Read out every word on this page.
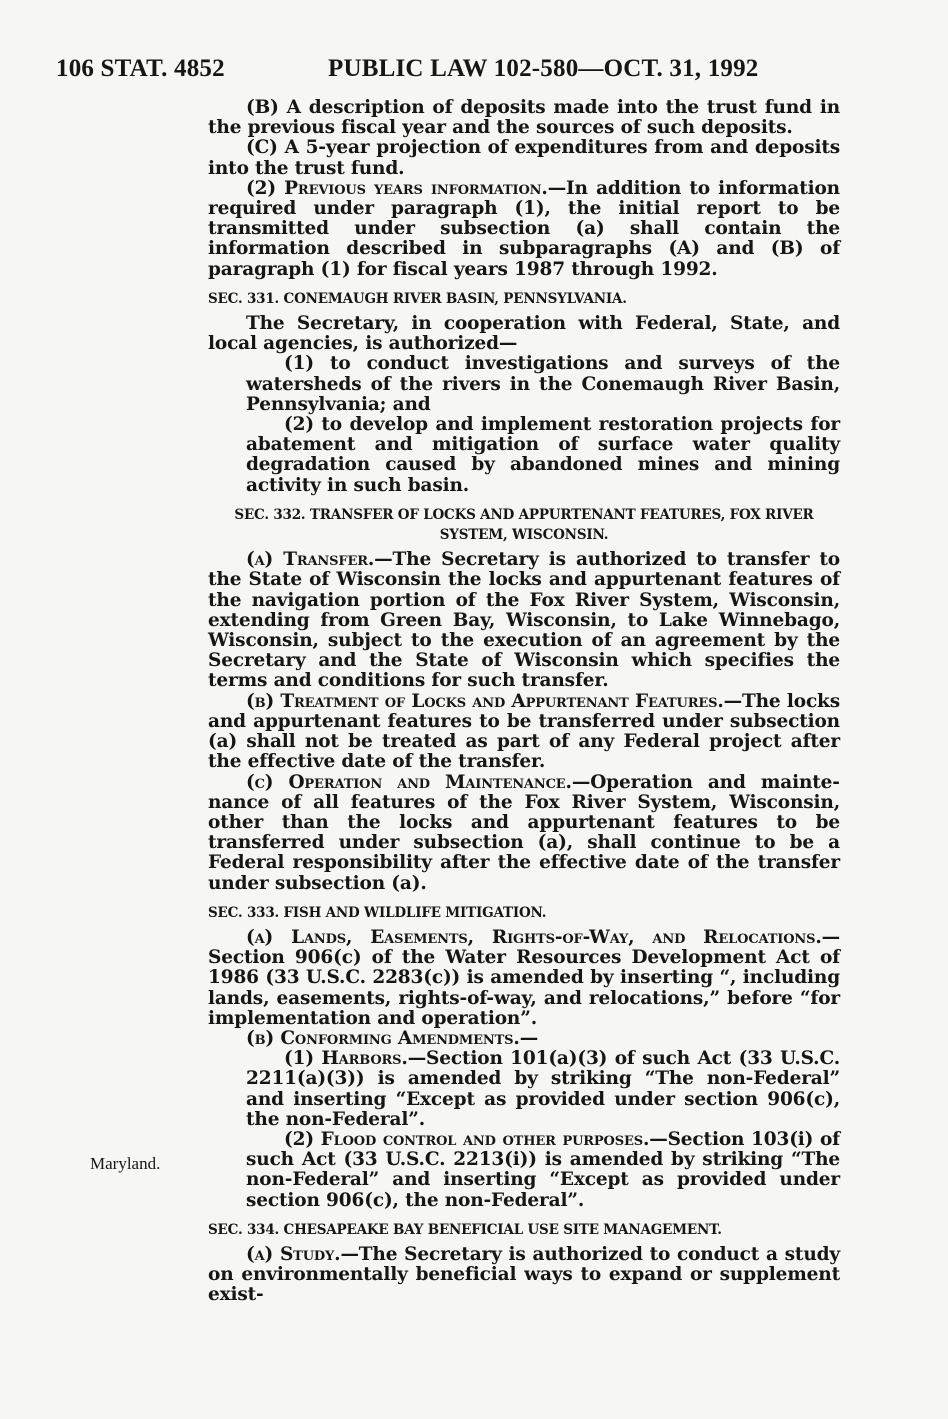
106 STAT. 4852	PUBLIC LAW 102-580—OCT. 31, 1992
Maryland.

(B) A description of deposits made into the trust fund in the previous fiscal year and the sources of such deposits.

(C) A 5-year projection of expenditures from and deposits into the trust fund.

(2) Previous years information.—In addition to information required under paragraph (1), the initial report to be transmitted under subsection (a) shall contain the information described in subparagraphs (A) and (B) of paragraph (1) for fiscal years 1987 through 1992.

SEC. 331. CONEMAUGH RIVER BASIN, PENNSYLVANIA.

The Secretary, in cooperation with Federal, State, and local agencies, is authorized—

(1) to conduct investigations and surveys of the watersheds of the rivers in the Conemaugh River Basin, Pennsylvania; and

(2) to develop and implement restoration projects for abatement and mitigation of surface water quality degradation caused by abandoned mines and mining activity in such basin.

SEC. 332. TRANSFER OF LOCKS AND APPURTENANT FEATURES, FOX RIVER SYSTEM, WISCONSIN.

(a) Transfer.—The Secretary is authorized to transfer to the State of Wisconsin the locks and appurtenant features of the navigation portion of the Fox River System, Wisconsin, extending from Green Bay, Wisconsin, to Lake Winnebago, Wisconsin, subject to the execution of an agreement by the Secretary and the State of Wisconsin which specifies the terms and conditions for such transfer.

(b) Treatment of Locks and Appurtenant Features.—The locks and appurtenant features to be transferred under subsection (a) shall not be treated as part of any Federal project after the effective date of the transfer.

(c) Operation and Maintenance.—Operation and maintenance of all features of the Fox River System, Wisconsin, other than the locks and appurtenant features to be transferred under subsection (a), shall continue to be a Federal responsibility after the effective date of the transfer under subsection (a).

SEC. 333. FISH AND WILDLIFE MITIGATION.

(a) Lands, Easements, Rights-of-Way, and Relocations.— Section 906(c) of the Water Resources Development Act of 1986 (33 U.S.C. 2283(c)) is amended by inserting “, including lands, easements, rights-of-way, and relocations,” before “for implementation and operation”.

(b) Conforming Amendments.—

(1) Harbors.—Section 101(a)(3) of such Act (33 U.S.C. 2211(a)(3)) is amended by striking “The non-Federal” and inserting “Except as provided under section 906(c), the non-Federal”.

(2) Flood control and other purposes.—Section 103(i) of such Act (33 U.S.C. 2213(i)) is amended by striking “The non-Federal” and inserting “Except as provided under section 906(c), the non-Federal”.

SEC. 334. CHESAPEAKE BAY BENEFICIAL USE SITE MANAGEMENT.

(a) Study.—The Secretary is authorized to conduct a study on environmentally beneficial ways to expand or supplement exist-
